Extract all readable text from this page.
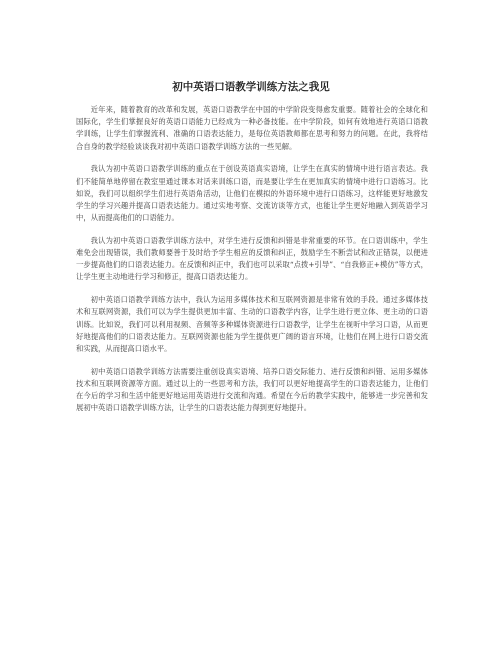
初中英语口语教学训练方法之我见

近年来，随着教育的改革和发展，英语口语教学在中国的中学阶段变得愈发重要。随着社会的全球化和国际化，学生们掌握良好的英语口语能力已经成为一种必备技能。在中学阶段，如何有效地进行英语口语教学训练，让学生们掌握流利、准确的口语表达能力，是每位英语教师都在思考和努力的问题。在此，我将结合自身的教学经验谈谈我对初中英语口语教学训练方法的一些见解。

我认为初中英语口语教学训练的重点在于创设英语真实语境，让学生在真实的情境中进行语言表达。我们不能简单地停留在教室里通过课本对话来训练口语，而是要让学生在更加真实的情境中进行口语练习。比如说，我们可以组织学生们进行英语角活动，让他们在模拟的外语环境中进行口语练习，这样能更好地激发学生的学习兴趣并提高口语表达能力。通过实地考察、交流访谈等方式，也能让学生更好地融入到英语学习中，从而提高他们的口语能力。

我认为初中英语口语教学训练方法中，对学生进行反馈和纠错是非常重要的环节。在口语训练中，学生难免会出现错误，我们教师要善于及时给予学生相应的反馈和纠正，鼓励学生不断尝试和改正错误，以便进一步提高他们的口语表达能力。在反馈和纠正中，我们也可以采取“点拨+引导”、“自我修正+模仿”等方式，让学生更主动地进行学习和修正，提高口语表达能力。

初中英语口语教学训练方法中，我认为运用多媒体技术和互联网资源是非常有效的手段。通过多媒体技术和互联网资源，我们可以为学生提供更加丰富、生动的口语教学内容，让学生进行更立体、更主动的口语训练。比如说，我们可以利用视频、音频等多种媒体资源进行口语教学，让学生在视听中学习口语，从而更好地提高他们的口语表达能力。互联网资源也能为学生提供更广阔的语言环境，让他们在网上进行口语交流和实践，从而提高口语水平。

初中英语口语教学训练方法需要注重创设真实语境、培养口语交际能力、进行反馈和纠错、运用多媒体技术和互联网资源等方面。通过以上的一些思考和方法，我们可以更好地提高学生的口语表达能力，让他们在今后的学习和生活中能更好地运用英语进行交流和沟通。希望在今后的教学实践中，能够进一步完善和发展初中英语口语教学训练方法，让学生的口语表达能力得到更好地提升。
